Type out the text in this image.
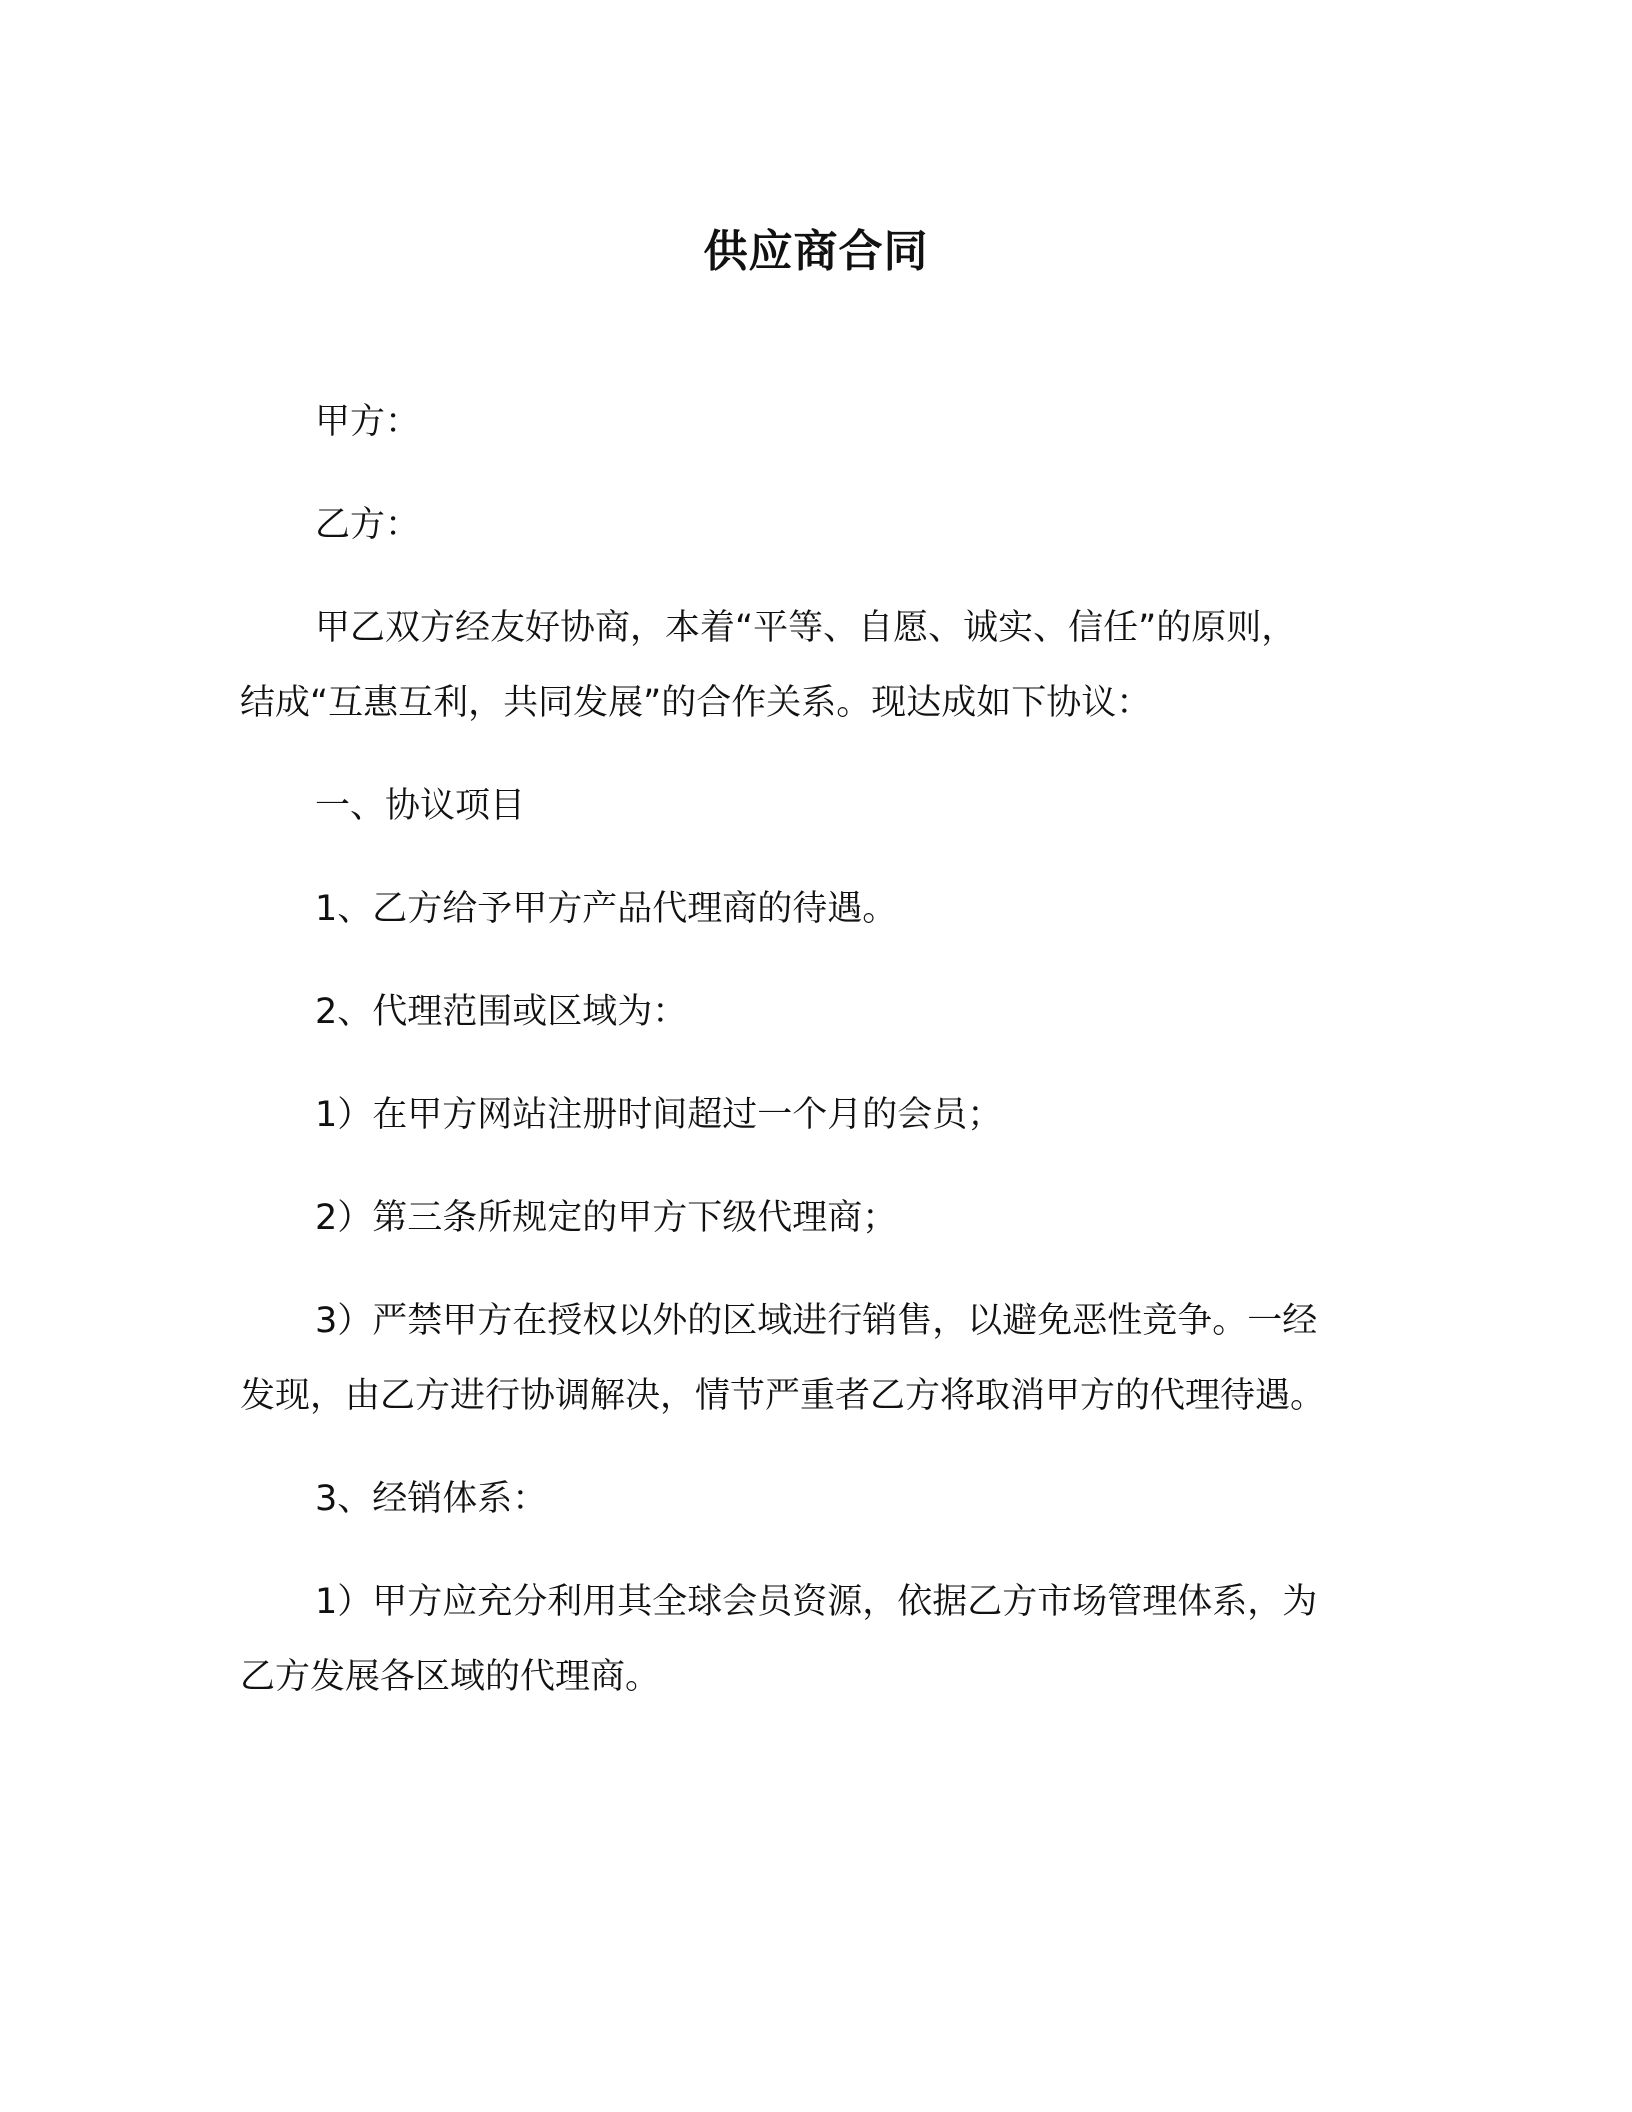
供应商合同
甲方：
乙方：
甲乙双方经友好协商，本着“平等、自愿、诚实、信任”的原则，
结成“互惠互利，共同发展”的合作关系。现达成如下协议：
一、协议项目
1、乙方给予甲方产品代理商的待遇。
2、代理范围或区域为：
1）在甲方网站注册时间超过一个月的会员；
2）第三条所规定的甲方下级代理商；
3）严禁甲方在授权以外的区域进行销售，以避免恶性竞争。一经
发现，由乙方进行协调解决，情节严重者乙方将取消甲方的代理待遇。
3、经销体系：
1）甲方应充分利用其全球会员资源，依据乙方市场管理体系，为
乙方发展各区域的代理商。
